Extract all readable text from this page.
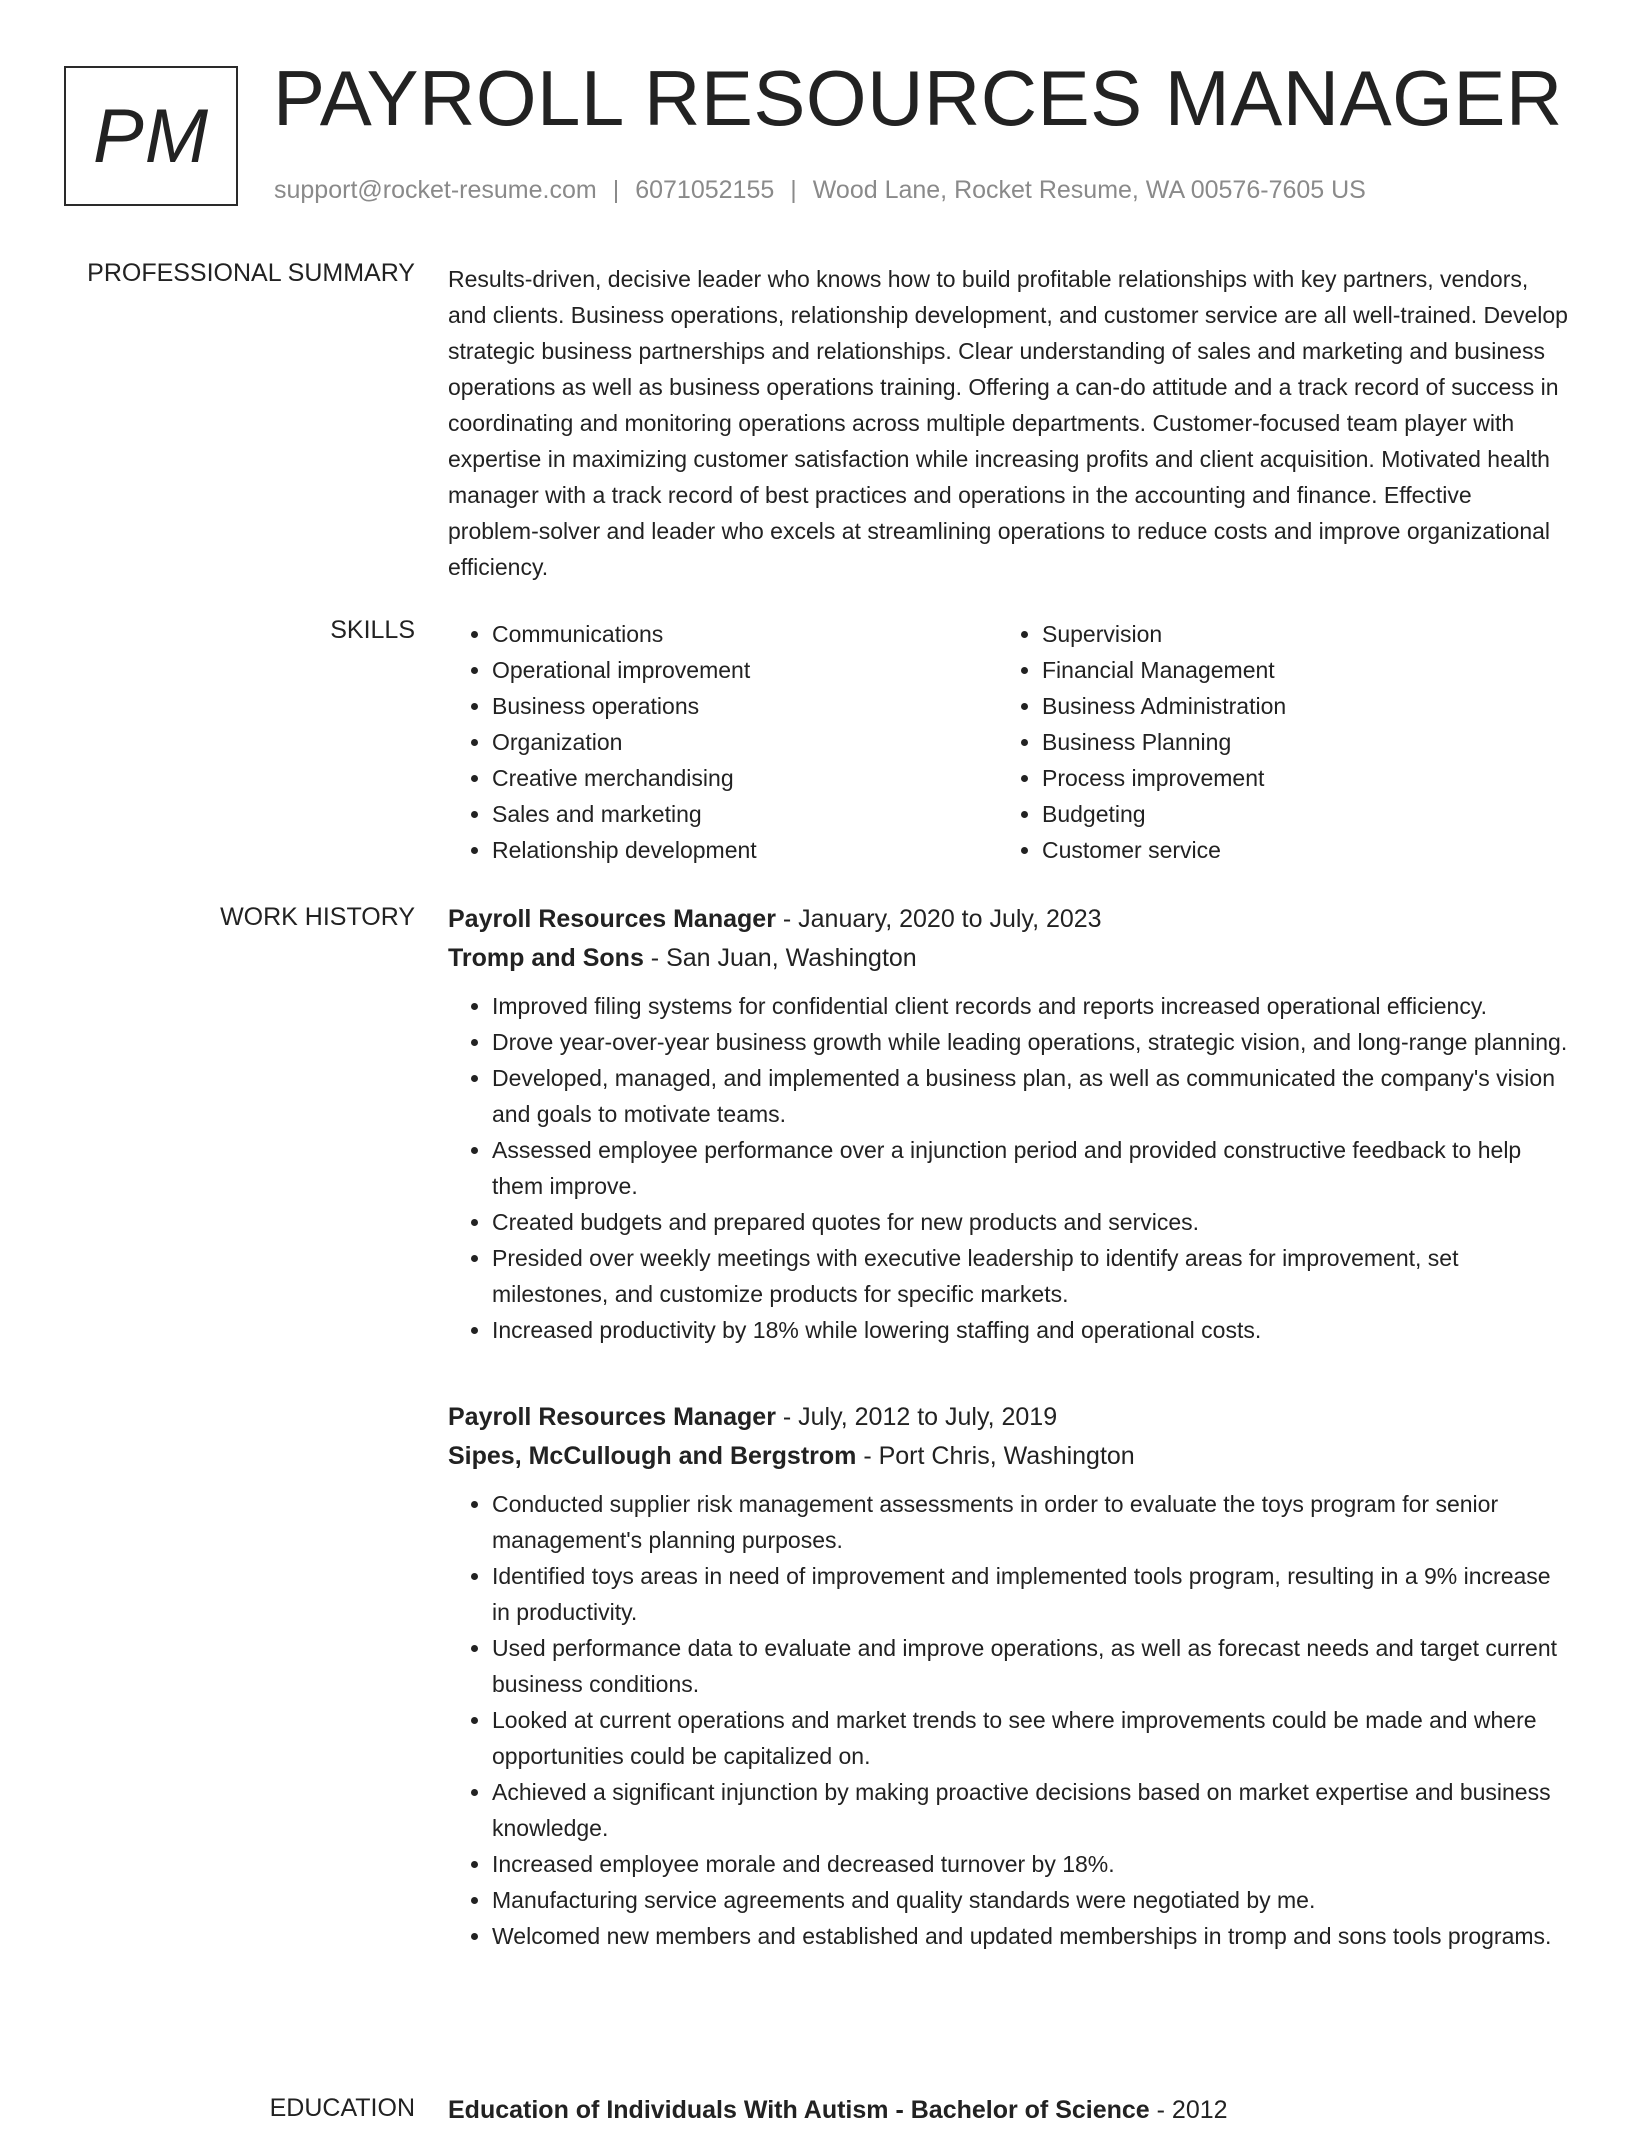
PM PAYROLL RESOURCES MANAGER
support@rocket-resume.com | 6071052155 | Wood Lane, Rocket Resume, WA 00576-7605 US
PROFESSIONAL SUMMARY Results-driven, decisive leader who knows how to build profitable relationships with key partners, vendors, and clients. Business operations, relationship development, and customer service are all well-trained. Develop strategic business partnerships and relationships. Clear understanding of sales and marketing and business operations as well as business operations training. Offering a can-do attitude and a track record of success in coordinating and monitoring operations across multiple departments. Customer-focused team player with expertise in maximizing customer satisfaction while increasing profits and client acquisition. Motivated health manager with a track record of best practices and operations in the accounting and finance. Effective problem-solver and leader who excels at streamlining operations to reduce costs and improve organizational efficiency.

SKILLS
•	Communications
• Operational improvement
• Business operations
• Organization
• Creative merchandising
• Sales and marketing
• Relationship development
• Supervision
• Financial Management
• Business Administration
• Business Planning
• Process improvement
• Budgeting
• Customer service
WORK HISTORY Payroll Resources Manager - January, 2020 to July, 2023
Tromp and Sons - San Juan, Washington
• Improved filing systems for confidential client records and reports increased operational efficiency.
• Drove year-over-year business growth while leading operations, strategic vision, and long-range planning.
• Developed, managed, and implemented a business plan, as well as communicated the company's vision and goals to motivate teams.
• Assessed employee performance over a injunction period and provided constructive feedback to help them improve.
• Created budgets and prepared quotes for new products and services.
• Presided over weekly meetings with executive leadership to identify areas for improvement, set milestones, and customize products for specific markets.
• Increased productivity by 18% while lowering staffing and operational costs.
Payroll Resources Manager - July, 2012 to July, 2019
Sipes, McCullough and Bergstrom - Port Chris, Washington
• Conducted supplier risk management assessments in order to evaluate the toys program for senior management's planning purposes.
• Identified toys areas in need of improvement and implemented tools program, resulting in a 9% increase in productivity.
• Used performance data to evaluate and improve operations, as well as forecast needs and target current business conditions.
• Looked at current operations and market trends to see where improvements could be made and where opportunities could be capitalized on.
• Achieved a significant injunction by making proactive decisions based on market expertise and business knowledge.
• Increased employee morale and decreased turnover by 18%.
• Manufacturing service agreements and quality standards were negotiated by me.
• Welcomed new members and established and updated memberships in tromp and sons tools programs.
EDUCATION Education of Individuals With Autism - Bachelor of Science - 2012
